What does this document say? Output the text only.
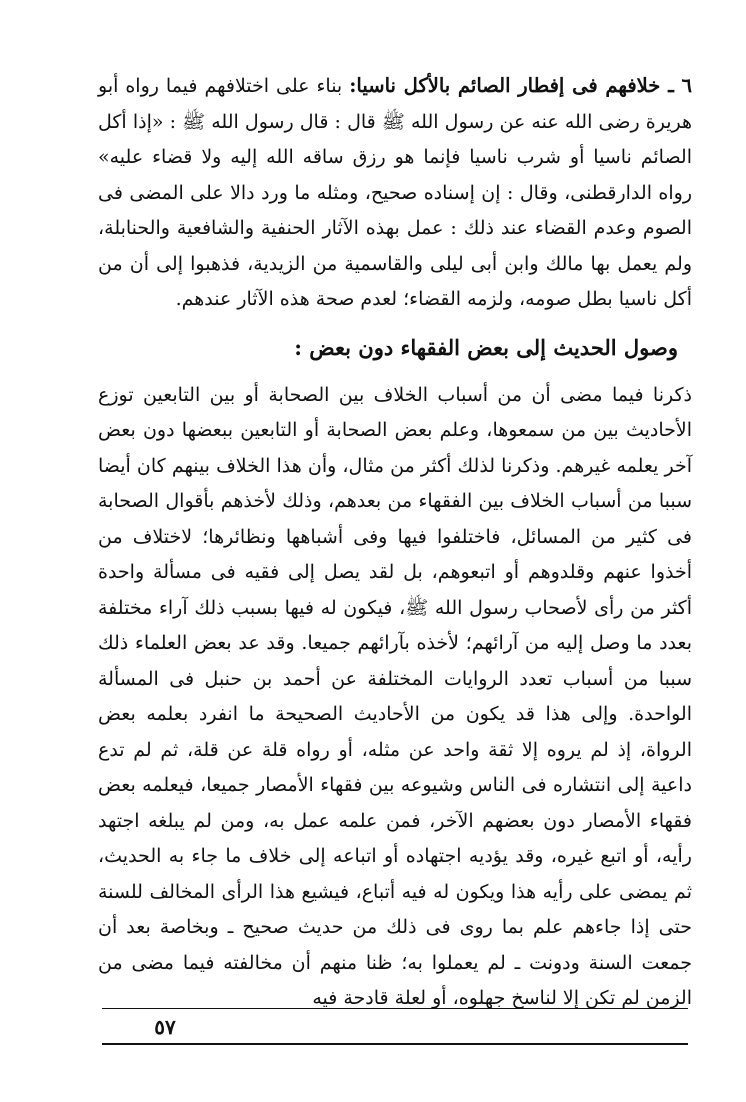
٦ ـ خلافهم فى إفطار الصائم بالأكل ناسيا: بناء على اختلافهم فيما رواه أبو هريرة رضى الله عنه عن رسول الله ﷺ قال : قال رسول الله ﷺ : «إذا أكل الصائم ناسيا أو شرب ناسيا فإنما هو رزق ساقه الله إليه ولا قضاء عليه» رواه الدارقطنى، وقال : إن إسناده صحيح، ومثله ما ورد دالا على المضى فى الصوم وعدم القضاء عند ذلك : عمل بهذه الآثار الحنفية والشافعية والحنابلة، ولم يعمل بها مالك وابن أبى ليلى والقاسمية من الزيدية، فذهبوا إلى أن من أكل ناسيا بطل صومه، ولزمه القضاء؛ لعدم صحة هذه الآثار عندهم.

وصول الحديث إلى بعض الفقهاء دون بعض :

ذكرنا فيما مضى أن من أسباب الخلاف بين الصحابة أو بين التابعين توزع الأحاديث بين من سمعوها، وعلم بعض الصحابة أو التابعين ببعضها دون بعض آخر يعلمه غيرهم. وذكرنا لذلك أكثر من مثال، وأن هذا الخلاف بينهم كان أيضا سببا من أسباب الخلاف بين الفقهاء من بعدهم، وذلك لأخذهم بأقوال الصحابة فى كثير من المسائل، فاختلفوا فيها وفى أشباهها ونظائرها؛ لاختلاف من أخذوا عنهم وقلدوهم أو اتبعوهم، بل لقد يصل إلى فقيه فى مسألة واحدة أكثر من رأى لأصحاب رسول الله ﷺ، فيكون له فيها بسبب ذلك آراء مختلفة بعدد ما وصل إليه من آرائهم؛ لأخذه بآرائهم جميعا. وقد عد بعض العلماء ذلك سببا من أسباب تعدد الروايات المختلفة عن أحمد بن حنبل فى المسألة الواحدة. وإلى هذا قد يكون من الأحاديث الصحيحة ما انفرد بعلمه بعض الرواة، إذ لم يروه إلا ثقة واحد عن مثله، أو رواه قلة عن قلة، ثم لم تدع داعية إلى انتشاره فى الناس وشيوعه بين فقهاء الأمصار جميعا، فيعلمه بعض فقهاء الأمصار دون بعضهم الآخر، فمن علمه عمل به، ومن لم يبلغه اجتهد رأيه، أو اتبع غيره، وقد يؤديه اجتهاده أو اتباعه إلى خلاف ما جاء به الحديث، ثم يمضى على رأيه هذا ويكون له فيه أتباع، فيشيع هذا الرأى المخالف للسنة حتى إذا جاءهم علم بما روى فى ذلك من حديث صحيح ـ وبخاصة بعد أن جمعت السنة ودونت ـ لم يعملوا به؛ ظنا منهم أن مخالفته فيما مضى من الزمن لم تكن إلا لناسخ جهلوه، أو لعلة قادحة فيه

٥٧
